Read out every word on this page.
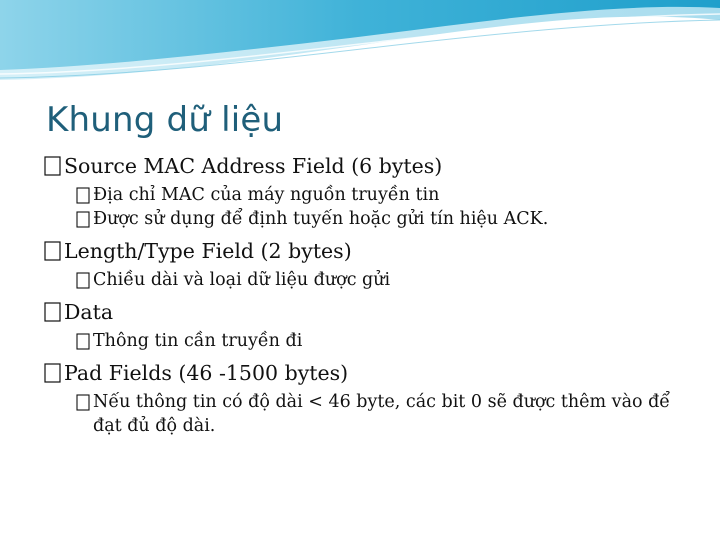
Khung dữ liệu
Source MAC Address Field (6 bytes)
Địa chỉ MAC của máy nguồn truyền tin
Được sử dụng để định tuyến hoặc gửi tín hiệu ACK.
Length/Type Field (2 bytes)
Chiều dài và loại dữ liệu được gửi
Data
Thông tin cần truyền đi
Pad Fields (46 -1500 bytes)
Nếu thông tin có độ dài < 46 byte, các bit 0 sẽ được thêm vào để đạt đủ độ dài.
